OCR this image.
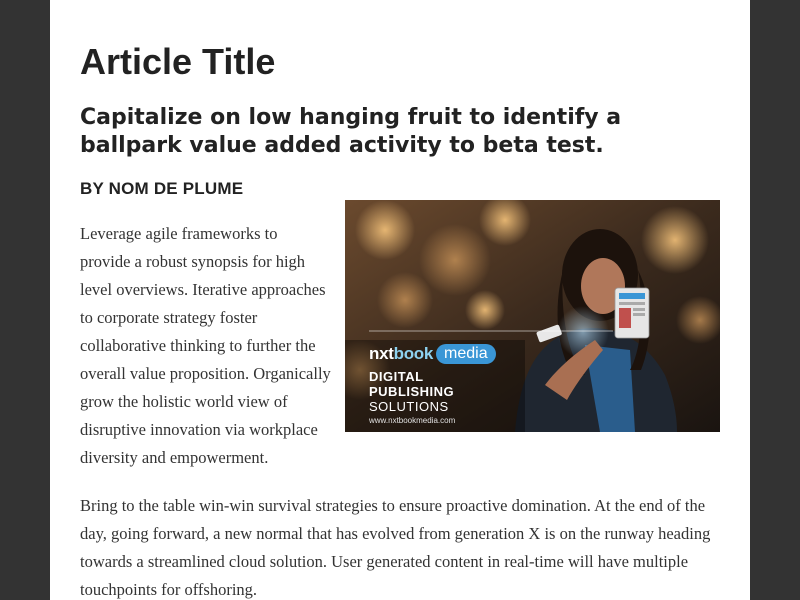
Article Title
Capitalize on low hanging fruit to identify a ballpark value added activity to beta test.
BY NOM DE PLUME

nxt book media
DIGITAL
PUBLISHING
SOLUTIONS
www.nxtbookmedia.com
Leverage agile frameworks to provide a robust synopsis for high level overviews. Iterative approaches to corporate strategy foster collaborative thinking to further the overall value proposition. Organically grow the holistic world view of disruptive innovation via workplace diversity and empowerment.

Bring to the table win-win survival strategies to ensure proactive domination. At the end of the day, going forward, a new normal that has evolved from generation X is on the runway heading towards a streamlined cloud solution. User generated content in real-time will have multiple touchpoints for offshoring.
